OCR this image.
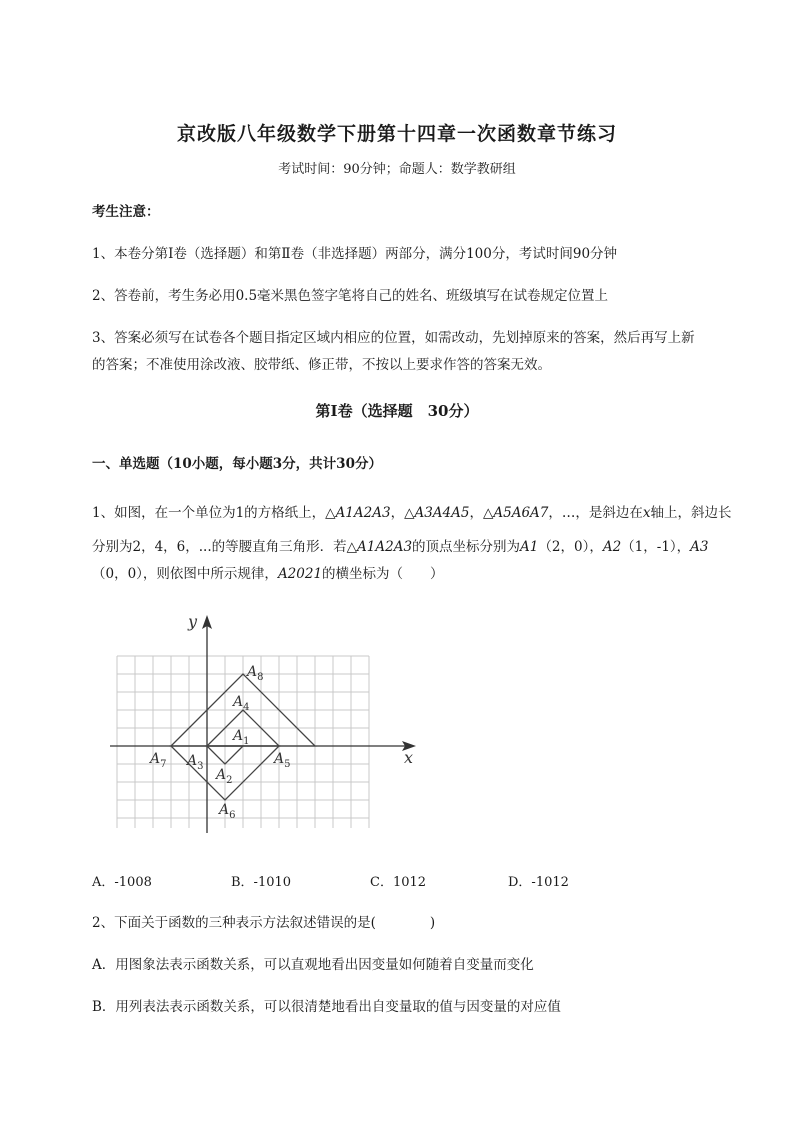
京改版八年级数学下册第十四章一次函数章节练习
考试时间：90分钟；命题人：数学教研组
考生注意：
1、本卷分第I卷（选择题）和第Ⅱ卷（非选择题）两部分，满分100分，考试时间90分钟
2、答卷前，考生务必用0.5毫米黑色签字笔将自己的姓名、班级填写在试卷规定位置上
3、答案必须写在试卷各个题目指定区域内相应的位置，如需改动，先划掉原来的答案，然后再写上新
的答案；不准使用涂改液、胶带纸、修正带，不按以上要求作答的答案无效。
第I卷（选择题　30分）
一、单选题（10小题，每小题3分，共计30分）
1、如图，在一个单位为1的方格纸上，△A1A2A3，△A3A4A5，△A5A6A7，…，是斜边在x轴上，斜边长
分别为2，4，6，...的等腰直角三角形．若△A1A2A3的顶点坐标分别为A1（2，0），A2（1，-1），A3
（0，0），则依图中所示规律，A2021的横坐标为（　　）
x
y
$A_8$
$A_4$
$A_1$
$A_7$ $A_3$	$A_5$
$A_2$
$A_6$
A．-1008	B．-1010	C．1012	D．-1012
2、下面关于函数的三种表示方法叙述错误的是(　　　　)
A．用图象法表示函数关系，可以直观地看出因变量如何随着自变量而变化
B．用列表法表示函数关系，可以很清楚地看出自变量取的值与因变量的对应值
